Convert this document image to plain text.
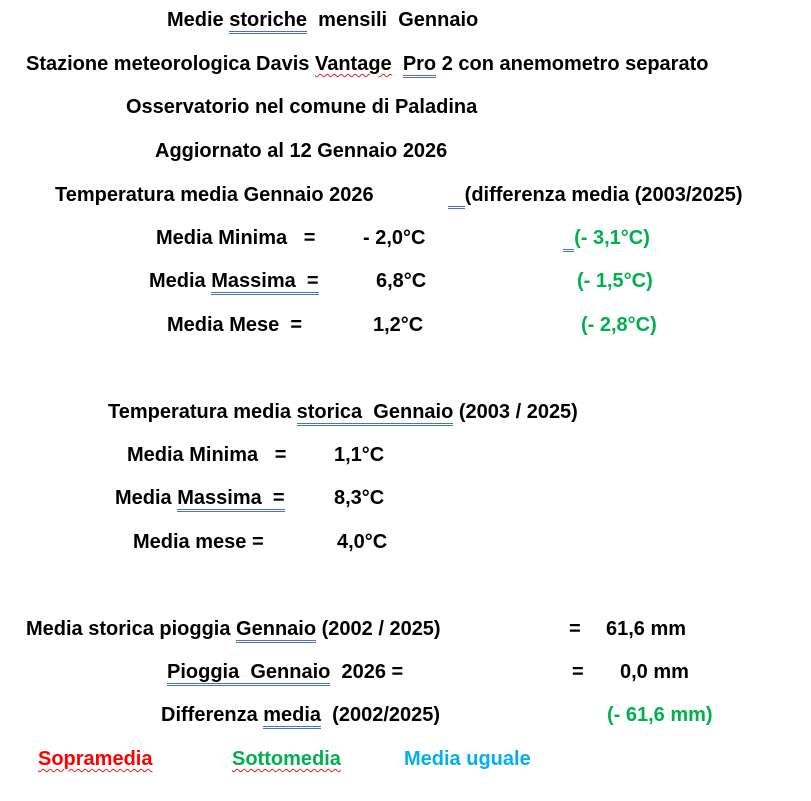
Medie storiche  mensili  Gennaio
Stazione meteorologica Davis Vantage Pro 2 con anemometro separato
Osservatorio nel comune di Paladina
Aggiornato al 12 Gennaio 2026
Temperatura media Gennaio 2026	(differenza media (2003/2025)
Media Minima   = - 2,0°C	(- 3,1°C)
Media Massima  =	6,8°C	(- 1,5°C)
Media Mese  =	1,2°C	(- 2,8°C)
Temperatura media storica  Gennaio (2003 / 2025)
Media Minima   = 1,1°C
Media Massima  = 8,3°C
Media mese =	4,0°C
Media storica pioggia Gennaio (2002 / 2025)	= 61,6 mm
Pioggia  Gennaio  2026 =	= 0,0 mm
Differenza media  (2002/2025)	(- 61,6 mm)
Sopramedia	Sottomedia	Media uguale
